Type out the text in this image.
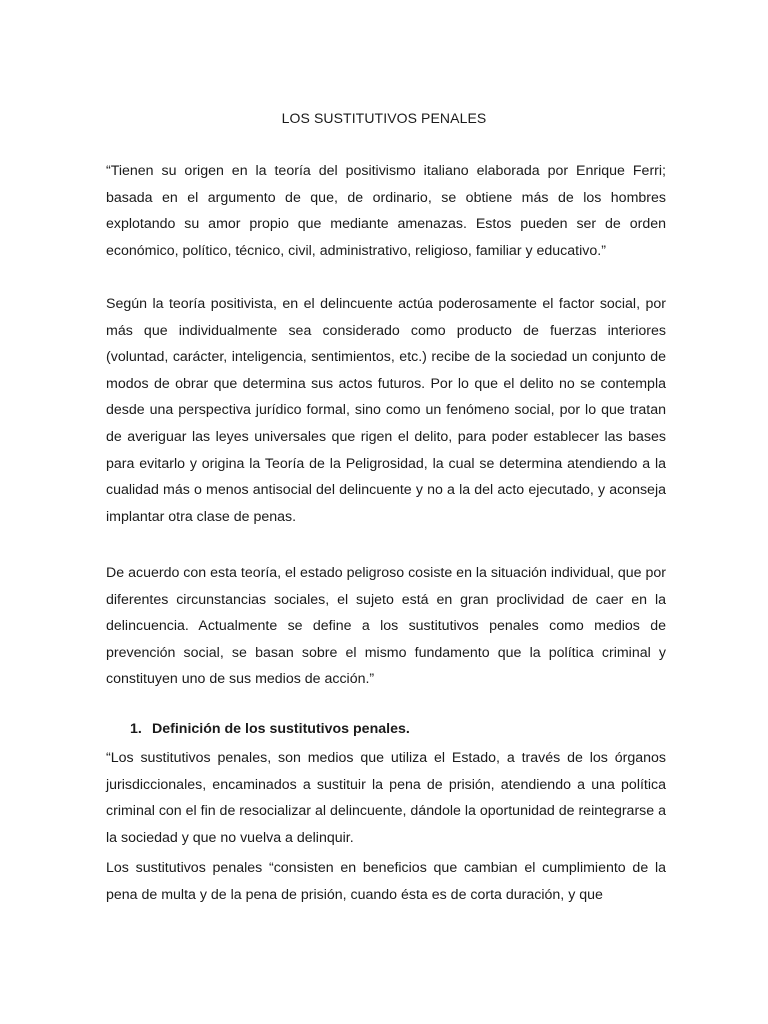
LOS SUSTITUTIVOS PENALES

“Tienen su origen en la teoría del positivismo italiano elaborada por Enrique Ferri; basada en el argumento de que, de ordinario, se obtiene más de los hombres explotando su amor propio que mediante amenazas. Estos pueden ser de orden económico, político, técnico, civil, administrativo, religioso, familiar y educativo.”

Según la teoría positivista, en el delincuente actúa poderosamente el factor social, por más que individualmente sea considerado como producto de fuerzas interiores (voluntad, carácter, inteligencia, sentimientos, etc.) recibe de la sociedad un conjunto de modos de obrar que determina sus actos futuros. Por lo que el delito no se contempla desde una perspectiva jurídico formal, sino como un fenómeno social, por lo que tratan de averiguar las leyes universales que rigen el delito, para poder establecer las bases para evitarlo y origina la Teoría de la Peligrosidad, la cual se determina atendiendo a la cualidad más o menos antisocial del delincuente y no a la del acto ejecutado, y aconseja implantar otra clase de penas.

De acuerdo con esta teoría, el estado peligroso cosiste en la situación individual, que por diferentes circunstancias sociales, el sujeto está en gran proclividad de caer en la delincuencia. Actualmente se define a los sustitutivos penales como medios de prevención social, se basan sobre el mismo fundamento que la política criminal y constituyen uno de sus medios de acción.”

1. Definición de los sustitutivos penales.

“Los sustitutivos penales, son medios que utiliza el Estado, a través de los órganos jurisdiccionales, encaminados a sustituir la pena de prisión, atendiendo a una política criminal con el fin de resocializar al delincuente, dándole la oportunidad de reintegrarse a la sociedad y que no vuelva a delinquir.

Los sustitutivos penales “consisten en beneficios que cambian el cumplimiento de la pena de multa y de la pena de prisión, cuando ésta es de corta duración, y que
